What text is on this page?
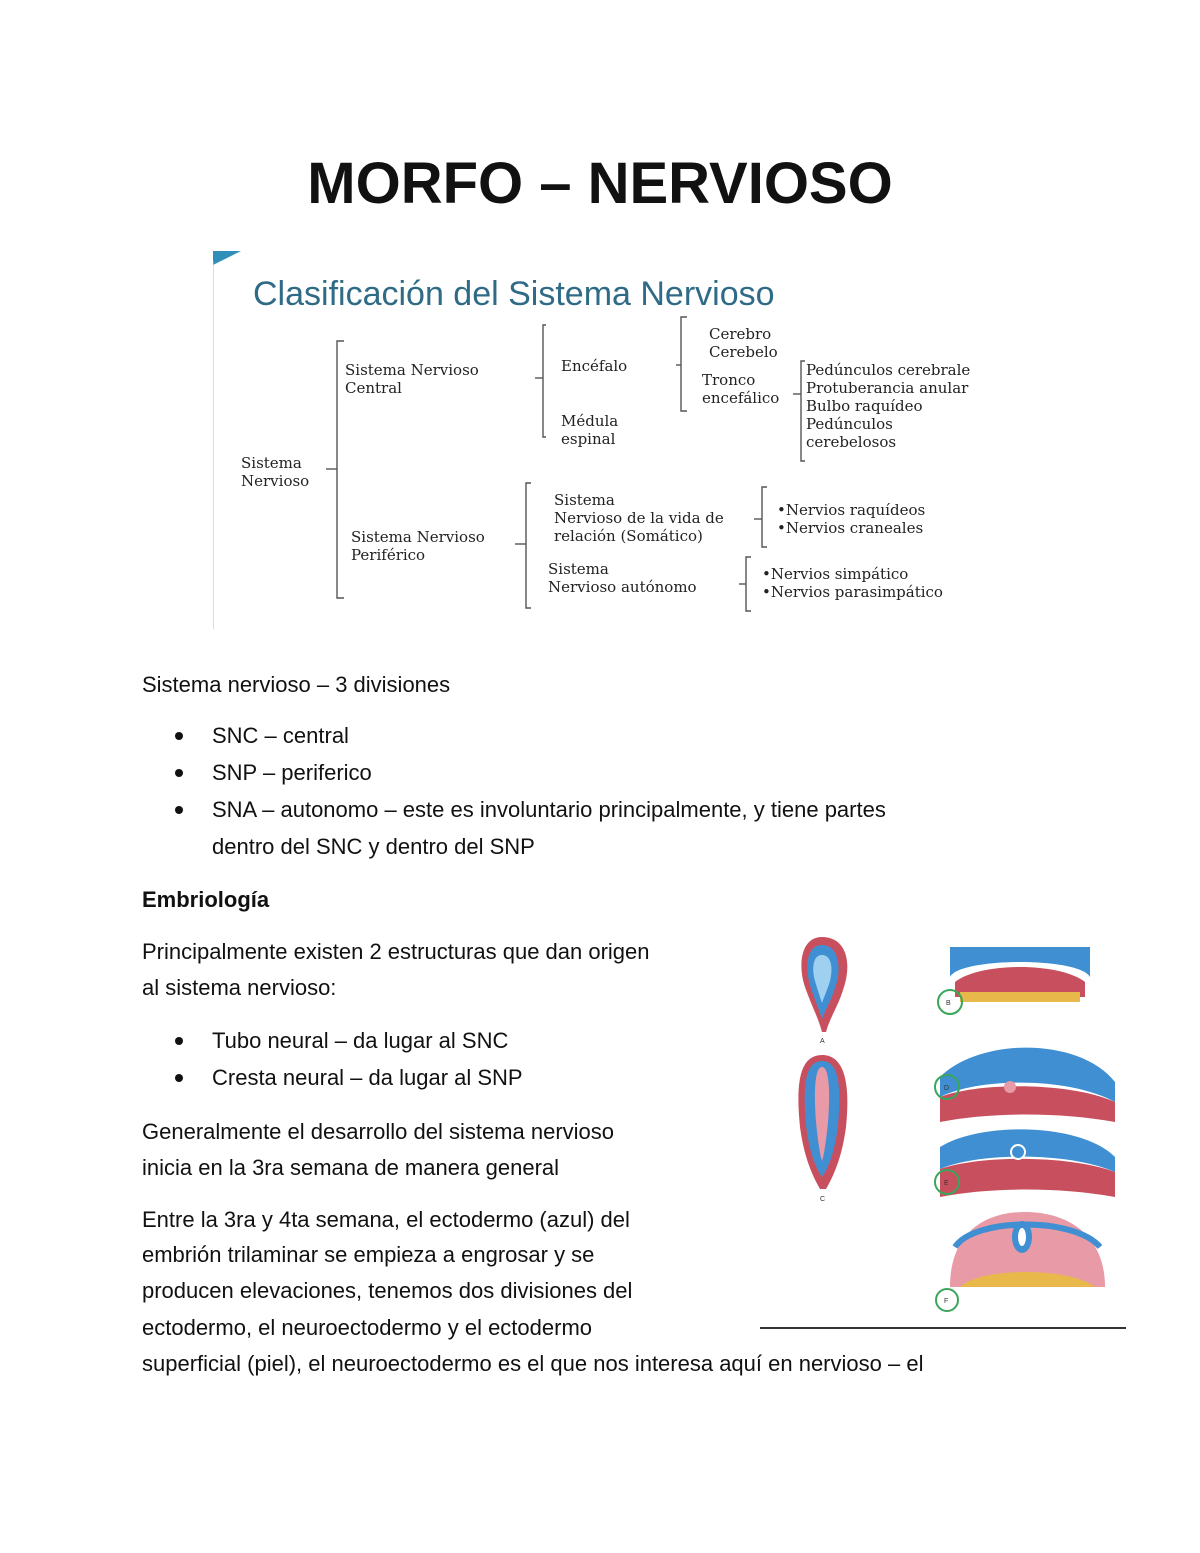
MORFO – NERVIOSO
Clasificación del Sistema Nervioso
Sistema
Nervioso
Sistema Nervioso
Central
Encéfalo
Médula
espinal
Cerebro
Cerebelo
Tronco
encefálico
Pedúnculos cerebrale
Protuberancia anular
Bulbo raquídeo
Pedúnculos
cerebelosos
Sistema Nervioso
Periférico
Sistema
Nervioso de la vida de
relación (Somático)
•Nervios raquídeos
•Nervios craneales
Sistema
Nervioso autónomo
•Nervios simpático
•Nervios parasimpático

Sistema nervioso – 3 divisiones

SNC – central
SNP – periferico
SNA – autonomo – este es involuntario principalmente, y tiene partes
dentro del SNC y dentro del SNP

Embriología

Principalmente existen 2 estructuras que dan origen

al sistema nervioso:

Tubo neural – da lugar al SNC
Cresta neural – da lugar al SNP

Generalmente el desarrollo del sistema nervioso

inicia en la 3ra semana de manera general

Entre la 3ra y 4ta semana, el ectodermo (azul) del

embrión trilaminar se empieza a engrosar y se

producen elevaciones, tenemos dos divisiones del

ectodermo, el neuroectodermo y el ectodermo

superficial (piel), el neuroectodermo es el que nos interesa aquí en nervioso – el

A
B
C
D
E
F
